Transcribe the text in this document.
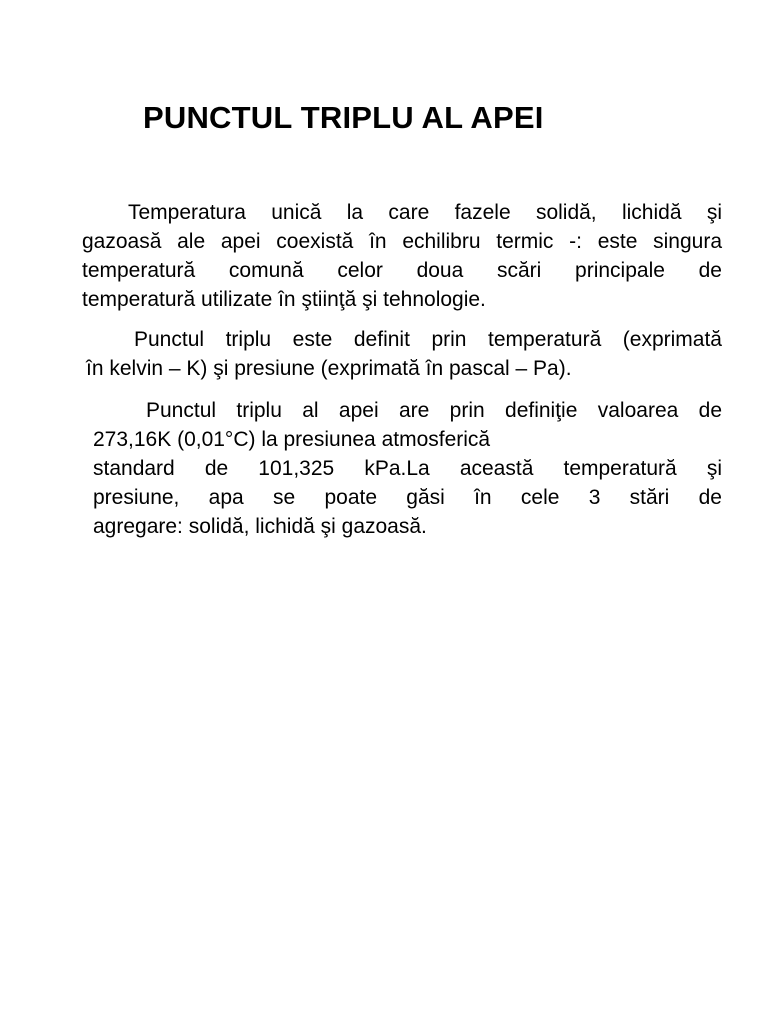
PUNCTUL TRIPLU AL APEI

Temperatura unică la care fazele solidă, lichidă şi
gazoasă ale apei coexistă în echilibru termic -: este singura
temperatură comună celor doua scări principale de
temperatură utilizate în ştiinţă şi tehnologie.

Punctul triplu este definit prin temperatură (exprimată
în kelvin – K) şi presiune (exprimată în pascal – Pa).

Punctul triplu al apei are prin definiţie valoarea de
273,16K (0,01°C) la presiunea atmosferică
standard de 101,325 kPa.La această temperatură şi
presiune, apa se poate găsi în cele 3 stări de
agregare: solidă, lichidă şi gazoasă.
